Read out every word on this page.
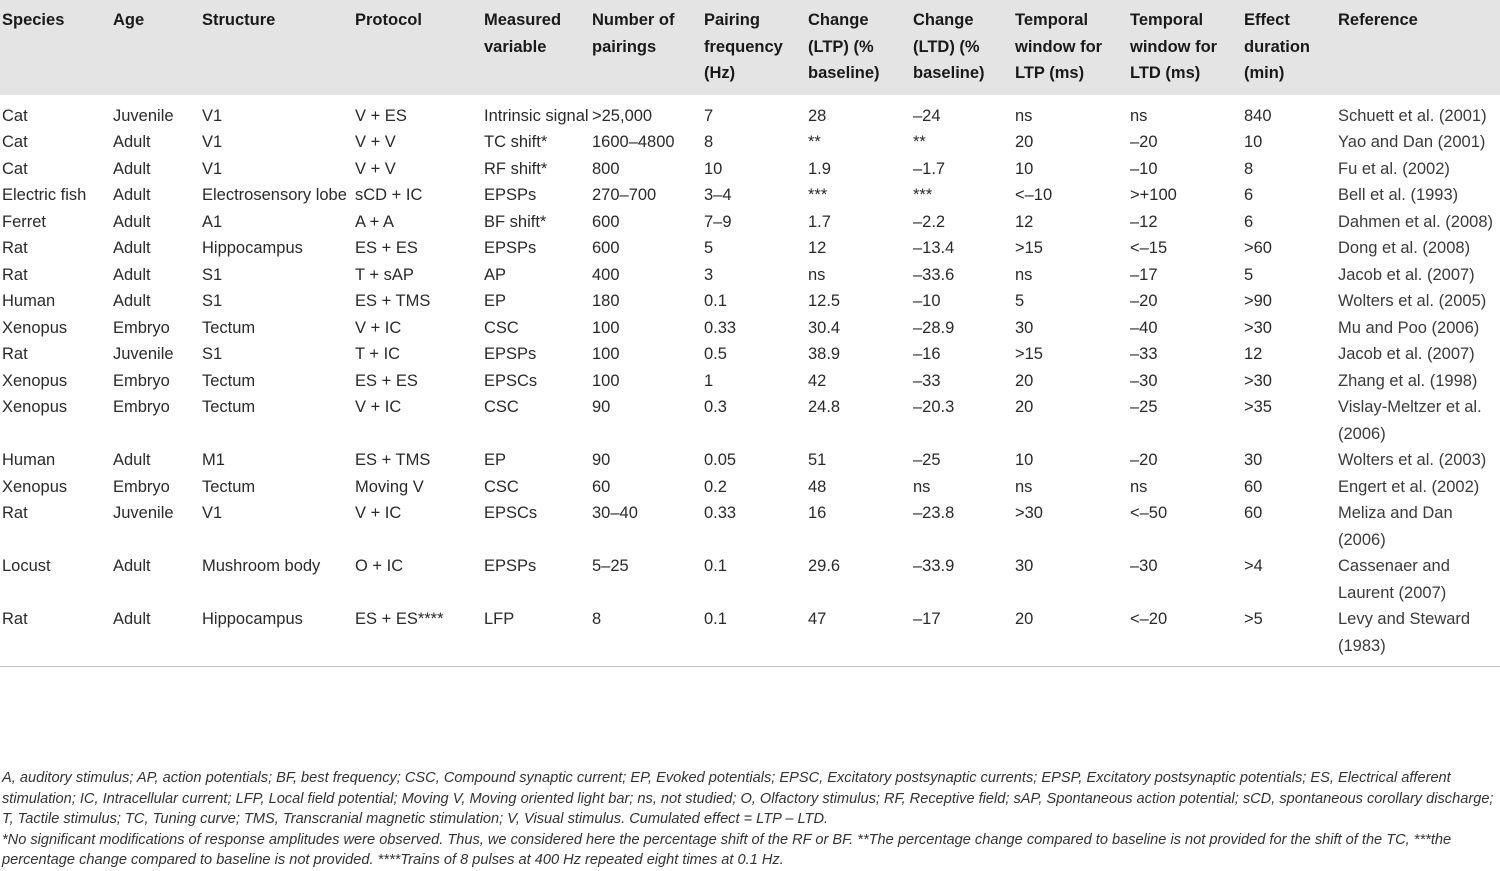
Species	Age	Structure	Protocol	Measured variable	Number of pairings	Pairing frequency (Hz)	Change (LTP) (% baseline)	Change (LTD) (% baseline)	Temporal window for LTP (ms)	Temporal window for LTD (ms)	Effect duration (min)	Reference
Cat	Juvenile	V1	V + ES	Intrinsic signal	>25,000	7	28	–24	ns	ns	840	Schuett et al. (2001)
Cat	Adult	V1	V + V	TC shift*	1600–4800	8	**	**	20	–20	10	Yao and Dan (2001)
Cat	Adult	V1	V + V	RF shift*	800	10	1.9	–1.7	10	–10	8	Fu et al. (2002)
Electric fish	Adult	Electrosensory lobe	sCD + IC	EPSPs	270–700	3–4	***	***	<–10	>+100	6	Bell et al. (1993)
Ferret	Adult	A1	A + A	BF shift*	600	7–9	1.7	–2.2	12	–12	6	Dahmen et al. (2008)
Rat	Adult	Hippocampus	ES + ES	EPSPs	600	5	12	–13.4	>15	<–15	>60	Dong et al. (2008)
Rat	Adult	S1	T + sAP	AP	400	3	ns	–33.6	ns	–17	5	Jacob et al. (2007)
Human	Adult	S1	ES + TMS	EP	180	0.1	12.5	–10	5	–20	>90	Wolters et al. (2005)
Xenopus	Embryo	Tectum	V + IC	CSC	100	0.33	30.4	–28.9	30	–40	>30	Mu and Poo (2006)
Rat	Juvenile	S1	T + IC	EPSPs	100	0.5	38.9	–16	>15	–33	12	Jacob et al. (2007)
Xenopus	Embryo	Tectum	ES + ES	EPSCs	100	1	42	–33	20	–30	>30	Zhang et al. (1998)
Xenopus	Embryo	Tectum	V + IC	CSC	90	0.3	24.8	–20.3	20	–25	>35	Vislay-Meltzer et al. (2006)
Human	Adult	M1	ES + TMS	EP	90	0.05	51	–25	10	–20	30	Wolters et al. (2003)
Xenopus	Embryo	Tectum	Moving V	CSC	60	0.2	48	ns	ns	ns	60	Engert et al. (2002)
Rat	Juvenile	V1	V + IC	EPSCs	30–40	0.33	16	–23.8	>30	<–50	60	Meliza and Dan (2006)
Locust	Adult	Mushroom body	O + IC	EPSPs	5–25	0.1	29.6	–33.9	30	–30	>4	Cassenaer and Laurent (2007)
Rat	Adult	Hippocampus	ES + ES****	LFP	8	0.1	47	–17	20	<–20	>5	Levy and Steward (1983)

A, auditory stimulus; AP, action potentials; BF, best frequency; CSC, Compound synaptic current; EP, Evoked potentials; EPSC, Excitatory postsynaptic currents; EPSP, Excitatory postsynaptic potentials; ES, Electrical afferent stimulation; IC, Intracellular current; LFP, Local field potential; Moving V, Moving oriented light bar; ns, not studied; O, Olfactory stimulus; RF, Receptive field; sAP, Spontaneous action potential; sCD, spontaneous corollary discharge; T, Tactile stimulus; TC, Tuning curve; TMS, Transcranial magnetic stimulation; V, Visual stimulus. Cumulated effect = LTP – LTD.

*No significant modifications of response amplitudes were observed. Thus, we considered here the percentage shift of the RF or BF. **The percentage change compared to baseline is not provided for the shift of the TC, ***the percentage change compared to baseline is not provided. ****Trains of 8 pulses at 400 Hz repeated eight times at 0.1 Hz.
